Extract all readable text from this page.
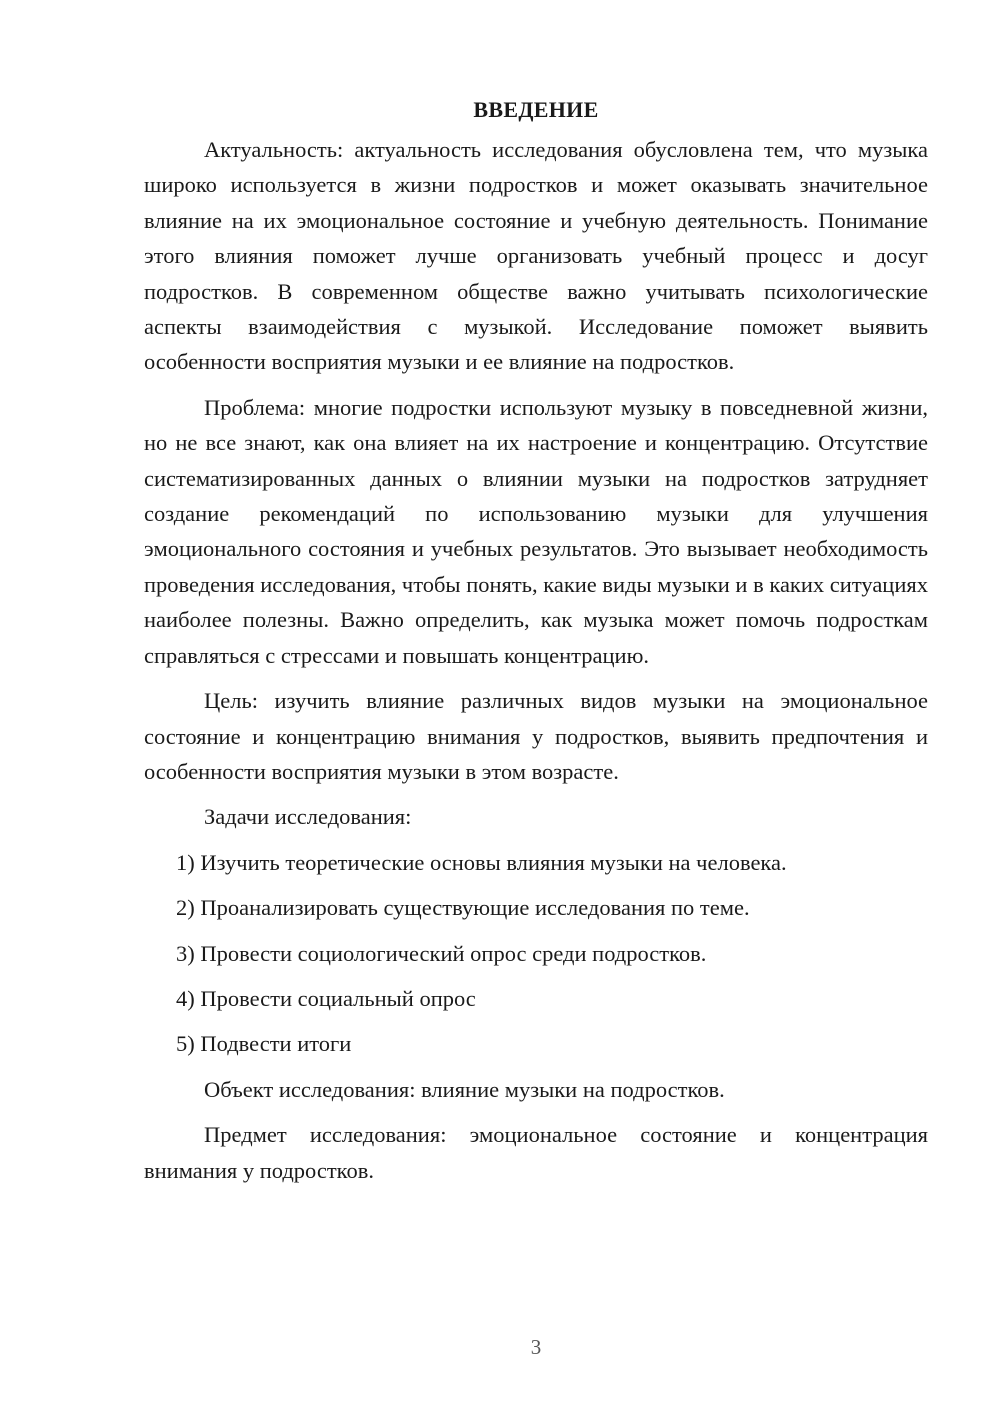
ВВЕДЕНИЕ

Актуальность: актуальность исследования обусловлена тем, что музыка широко используется в жизни подростков и может оказывать значительное влияние на их эмоциональное состояние и учебную деятельность. Понимание этого влияния поможет лучше организовать учебный процесс и досуг подростков. В современном обществе важно учитывать психологические аспекты взаимодействия с музыкой. Исследование поможет выявить особенности восприятия музыки и ее влияние на подростков.

Проблема: многие подростки используют музыку в повседневной жизни, но не все знают, как она влияет на их настроение и концентрацию. Отсутствие систематизированных данных о влиянии музыки на подростков затрудняет создание рекомендаций по использованию музыки для улучшения эмоционального состояния и учебных результатов. Это вызывает необходимость проведения исследования, чтобы понять, какие виды музыки и в каких ситуациях наиболее полезны. Важно определить, как музыка может помочь подросткам справляться с стрессами и повышать концентрацию.

Цель: изучить влияние различных видов музыки на эмоциональное состояние и концентрацию внимания у подростков, выявить предпочтения и особенности восприятия музыки в этом возрасте.

Задачи исследования:

1) Изучить теоретические основы влияния музыки на человека.
2) Проанализировать существующие исследования по теме.
3) Провести социологический опрос среди подростков.
4) Провести социальный опрос
5) Подвести итоги

Объект исследования: влияние музыки на подростков.

Предмет исследования: эмоциональное состояние и концентрация внимания у подростков.

3
